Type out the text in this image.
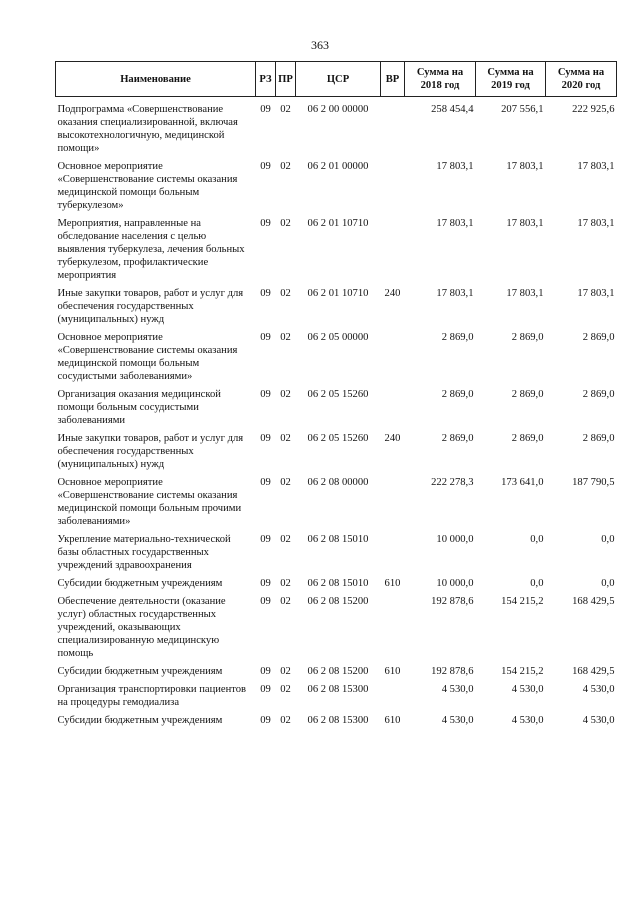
363
Наименование	РЗ	ПР	ЦСР	ВР	Сумма на 2018 год	Сумма на 2019 год	Сумма на 2020 год
Подпрограмма «Совершенствование оказания специализированной, включая высокотехнологичную, медицинской помощи»	09	02	06 2 00 00000		258 454,4	207 556,1	222 925,6
Основное мероприятие «Совершенствование системы оказания медицинской помощи больным туберкулезом»	09	02	06 2 01 00000		17 803,1	17 803,1	17 803,1
Мероприятия, направленные на обследование населения с целью выявления туберкулеза, лечения больных туберкулезом, профилактические мероприятия	09	02	06 2 01 10710		17 803,1	17 803,1	17 803,1
Иные закупки товаров, работ и услуг для обеспечения государственных (муниципальных) нужд	09	02	06 2 01 10710	240	17 803,1	17 803,1	17 803,1
Основное мероприятие «Совершенствование системы оказания медицинской помощи больным сосудистыми заболеваниями»	09	02	06 2 05 00000		2 869,0	2 869,0	2 869,0
Организация оказания медицинской помощи больным сосудистыми заболеваниями	09	02	06 2 05 15260		2 869,0	2 869,0	2 869,0
Иные закупки товаров, работ и услуг для обеспечения государственных (муниципальных) нужд	09	02	06 2 05 15260	240	2 869,0	2 869,0	2 869,0
Основное мероприятие «Совершенствование системы оказания медицинской помощи больным прочими заболеваниями»	09	02	06 2 08 00000		222 278,3	173 641,0	187 790,5
Укрепление материально-технической базы областных государственных учреждений здравоохранения	09	02	06 2 08 15010		10 000,0	0,0	0,0
Субсидии бюджетным учреждениям	09	02	06 2 08 15010	610	10 000,0	0,0	0,0
Обеспечение деятельности (оказание услуг) областных государственных учреждений, оказывающих специализированную медицинскую помощь	09	02	06 2 08 15200		192 878,6	154 215,2	168 429,5
Субсидии бюджетным учреждениям	09	02	06 2 08 15200	610	192 878,6	154 215,2	168 429,5
Организация транспортировки пациентов на процедуры гемодиализа	09	02	06 2 08 15300		4 530,0	4 530,0	4 530,0
Субсидии бюджетным учреждениям	09	02	06 2 08 15300	610	4 530,0	4 530,0	4 530,0
